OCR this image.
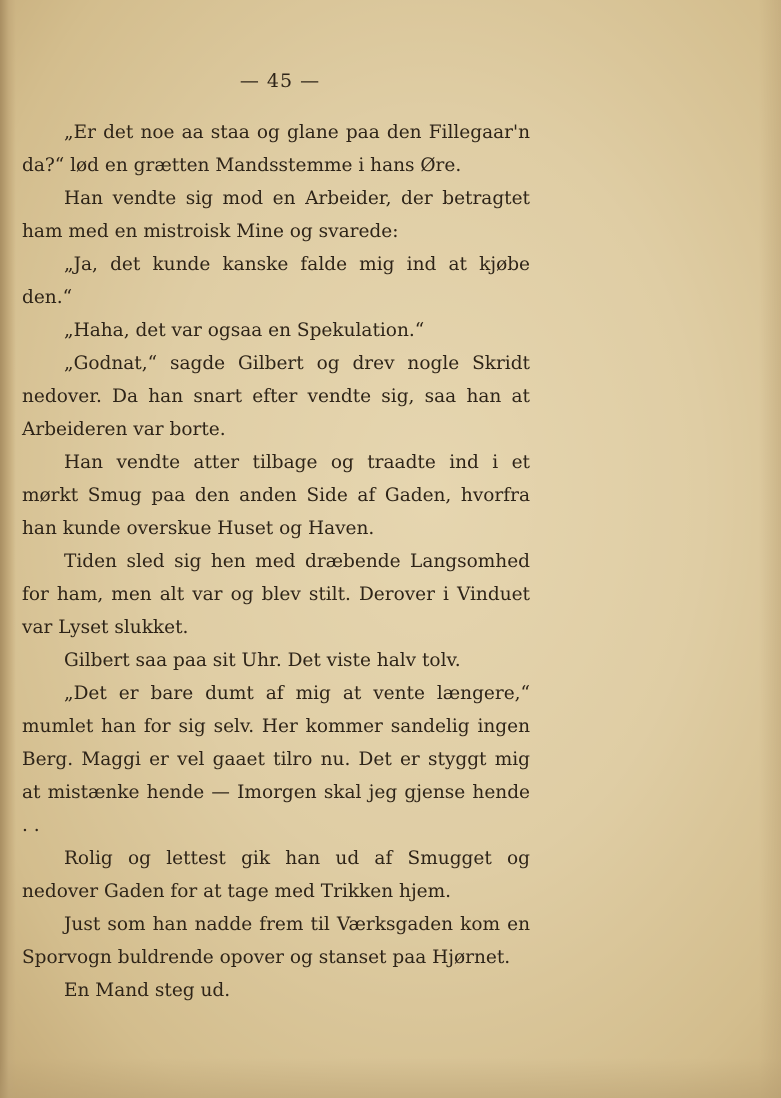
— 45 —

„Er det noe aa staa og glane paa den Fillegaar'n da?“ lød en grætten Mandsstemme i hans Øre.

Han vendte sig mod en Arbeider, der betragtet ham med en mistroisk Mine og svarede:

„Ja, det kunde kanske falde mig ind at kjøbe den.“

„Haha, det var ogsaa en Spekulation.“

„Godnat,“ sagde Gilbert og drev nogle Skridt nedover. Da han snart efter vendte sig, saa han at Arbeideren var borte.

Han vendte atter tilbage og traadte ind i et mørkt Smug paa den anden Side af Gaden, hvorfra han kunde overskue Huset og Haven.

Tiden sled sig hen med dræbende Langsomhed for ham, men alt var og blev stilt. Derover i Vinduet var Lyset slukket.

Gilbert saa paa sit Uhr. Det viste halv tolv.

„Det er bare dumt af mig at vente længere,“ mumlet han for sig selv. Her kommer sandelig ingen Berg. Maggi er vel gaaet tilro nu. Det er styggt mig at mistænke hende — Imorgen skal jeg gjense hende . .

Rolig og lettest gik han ud af Smugget og nedover Gaden for at tage med Trikken hjem.

Just som han nadde frem til Værksgaden kom en Sporvogn buldrende opover og stanset paa Hjørnet.

En Mand steg ud.
